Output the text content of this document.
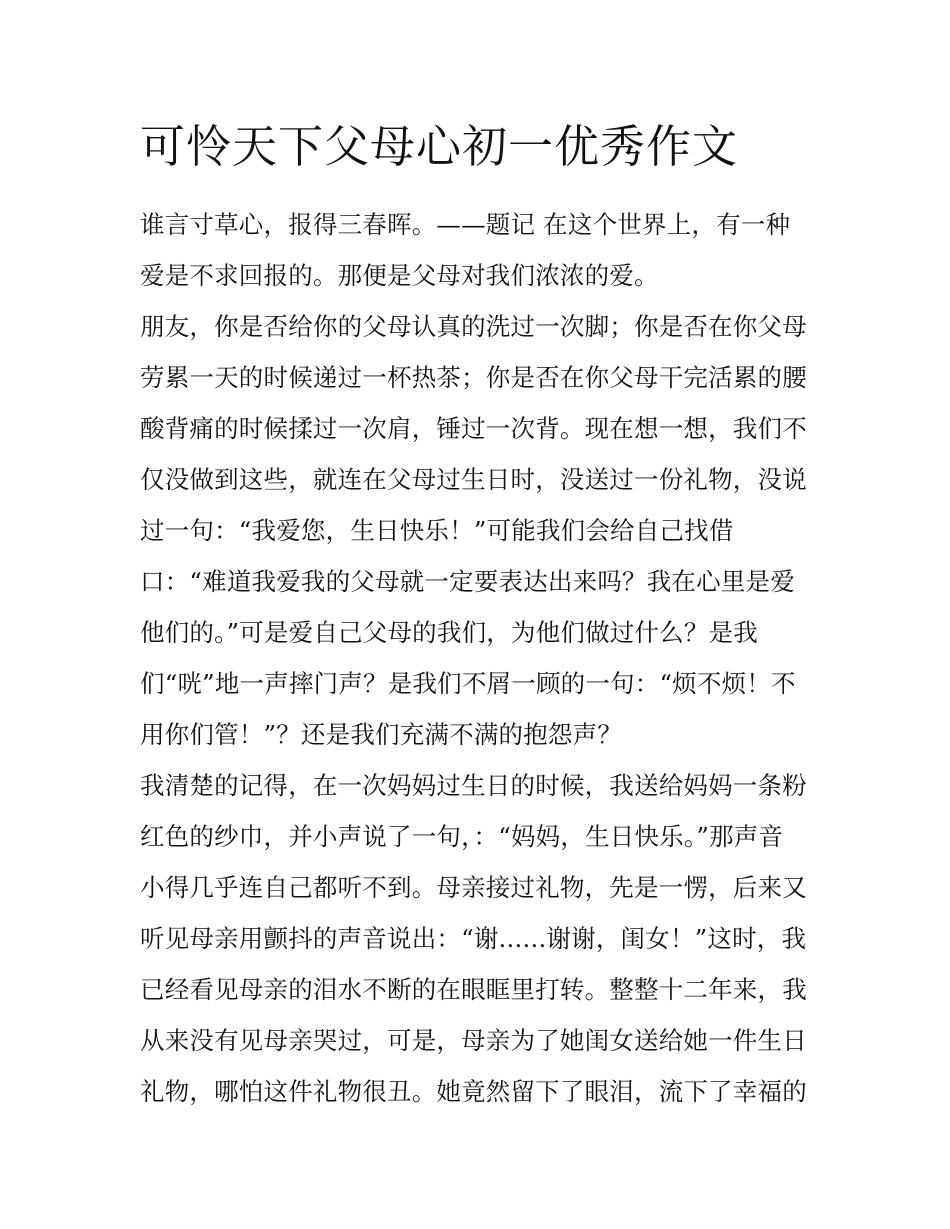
可怜天下父母心初一优秀作文
谁言寸草心，报得三春晖。——题记 在这个世界上，有一种
爱是不求回报的。那便是父母对我们浓浓的爱。
朋友，你是否给你的父母认真的洗过一次脚；你是否在你父母
劳累一天的时候递过一杯热茶；你是否在你父母干完活累的腰
酸背痛的时候揉过一次肩，锤过一次背。现在想一想，我们不
仅没做到这些，就连在父母过生日时，没送过一份礼物，没说
过一句：“我爱您，生日快乐！”可能我们会给自己找借
口：“难道我爱我的父母就一定要表达出来吗？我在心里是爱
他们的。”可是爱自己父母的我们，为他们做过什么？是我
们“咣”地一声摔门声？是我们不屑一顾的一句：“烦不烦！不
用你们管！”？还是我们充满不满的抱怨声？
我清楚的记得，在一次妈妈过生日的时候，我送给妈妈一条粉
红色的纱巾，并小声说了一句，：“妈妈，生日快乐。”那声音
小得几乎连自己都听不到。母亲接过礼物，先是一愣，后来又
听见母亲用颤抖的声音说出：“谢......谢谢，闺女！”这时，我
已经看见母亲的泪水不断的在眼眶里打转。整整十二年来，我
从来没有见母亲哭过，可是，母亲为了她闺女送给她一件生日
礼物，哪怕这件礼物很丑。她竟然留下了眼泪，流下了幸福的
